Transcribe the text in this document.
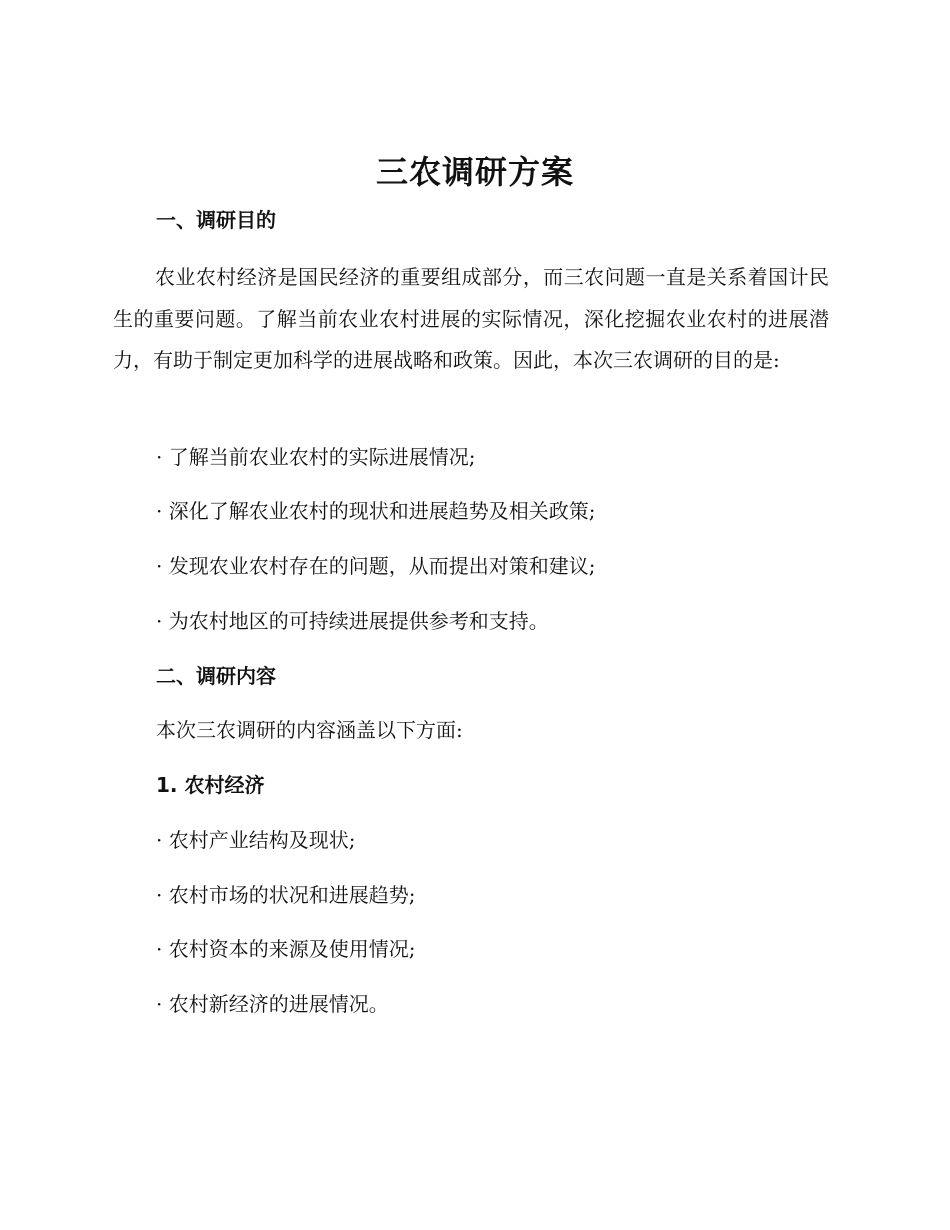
三农调研方案
一、调研目的

农业农村经济是国民经济的重要组成部分，而三农问题一直是关系着国计民生的重要问题。了解当前农业农村进展的实际情况，深化挖掘农业农村的进展潜力，有助于制定更加科学的进展战略和政策。因此，本次三农调研的目的是:

· 了解当前农业农村的实际进展情况;
· 深化了解农业农村的现状和进展趋势及相关政策;
· 发现农业农村存在的问题，从而提出对策和建议;
· 为农村地区的可持续进展提供参考和支持。
二、调研内容
本次三农调研的内容涵盖以下方面:
1. 农村经济
· 农村产业结构及现状;
· 农村市场的状况和进展趋势;
· 农村资本的来源及使用情况;
· 农村新经济的进展情况。
